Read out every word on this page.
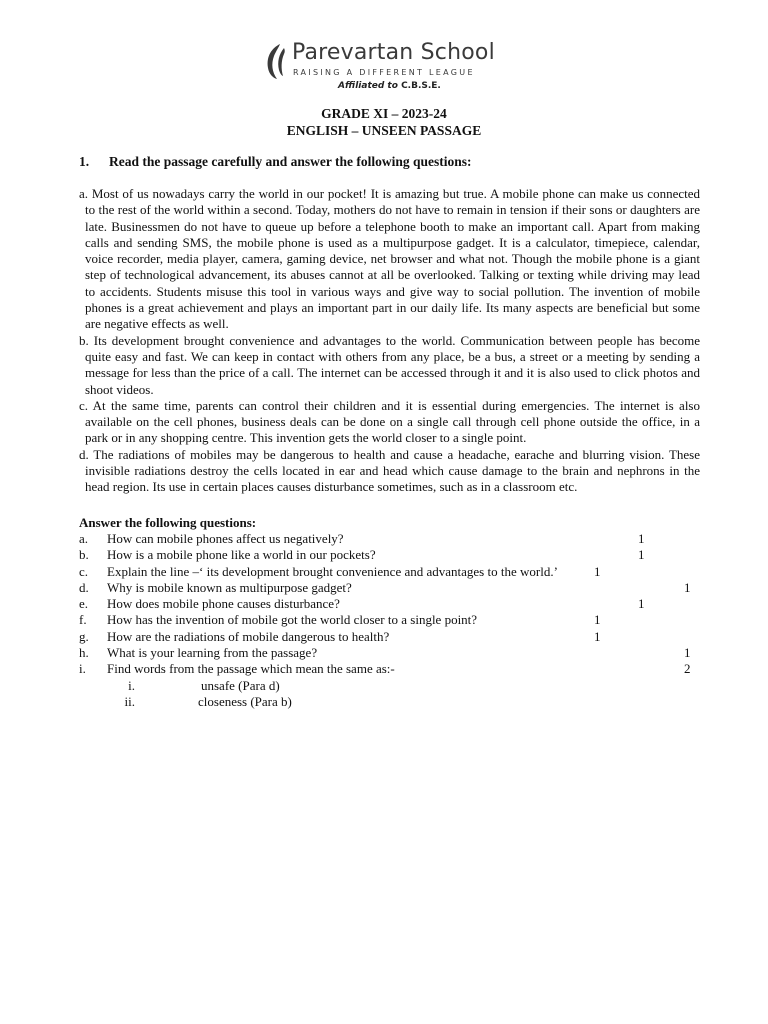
Parevartan School
RAISING A DIFFERENT LEAGUE
Affiliated to C.B.S.E.
GRADE XI – 2023-24
ENGLISH – UNSEEN PASSAGE
1. Read the passage carefully and answer the following questions:
a. Most of us nowadays carry the world in our pocket! It is amazing but true. A mobile phone can make us connected to the rest of the world within a second. Today, mothers do not have to remain in tension if their sons or daughters are late. Businessmen do not have to queue up before a telephone booth to make an important call. Apart from making calls and sending SMS, the mobile phone is used as a multipurpose gadget. It is a calculator, timepiece, calendar, voice recorder, media player, camera, gaming device, net browser and what not. Though the mobile phone is a giant step of technological advancement, its abuses cannot at all be overlooked. Talking or texting while driving may lead to accidents. Students misuse this tool in various ways and give way to social pollution. The invention of mobile phones is a great achievement and plays an important part in our daily life. Its many aspects are beneficial but some are negative effects as well.
b. Its development brought convenience and advantages to the world. Communication between people has become quite easy and fast. We can keep in contact with others from any place, be a bus, a street or a meeting by sending a message for less than the price of a call. The internet can be accessed through it and it is also used to click photos and shoot videos.
c. At the same time, parents can control their children and it is essential during emergencies. The internet is also available on the cell phones, business deals can be done on a single call through cell phone outside the office, in a park or in any shopping centre. This invention gets the world closer to a single point.
d. The radiations of mobiles may be dangerous to health and cause a headache, earache and blurring vision. These invisible radiations destroy the cells located in ear and head which cause damage to the brain and nephrons in the head region. Its use in certain places causes disturbance sometimes, such as in a classroom etc.
Answer the following questions:
a. How can mobile phones affect us negatively?	1
b. How is a mobile phone like a world in our pockets?	1
c. Explain the line –‘ its development brought convenience and advantages to the world.’	1
d. Why is mobile known as multipurpose gadget?	1
e. How does mobile phone causes disturbance?	1
f. How has the invention of mobile got the world closer to a single point?	1
g. How are the radiations of mobile dangerous to health?	1
h. What is your learning from the passage?	1
i. Find words from the passage which mean the same as:-	2
i.	unsafe (Para d)
ii.	closeness (Para b)
